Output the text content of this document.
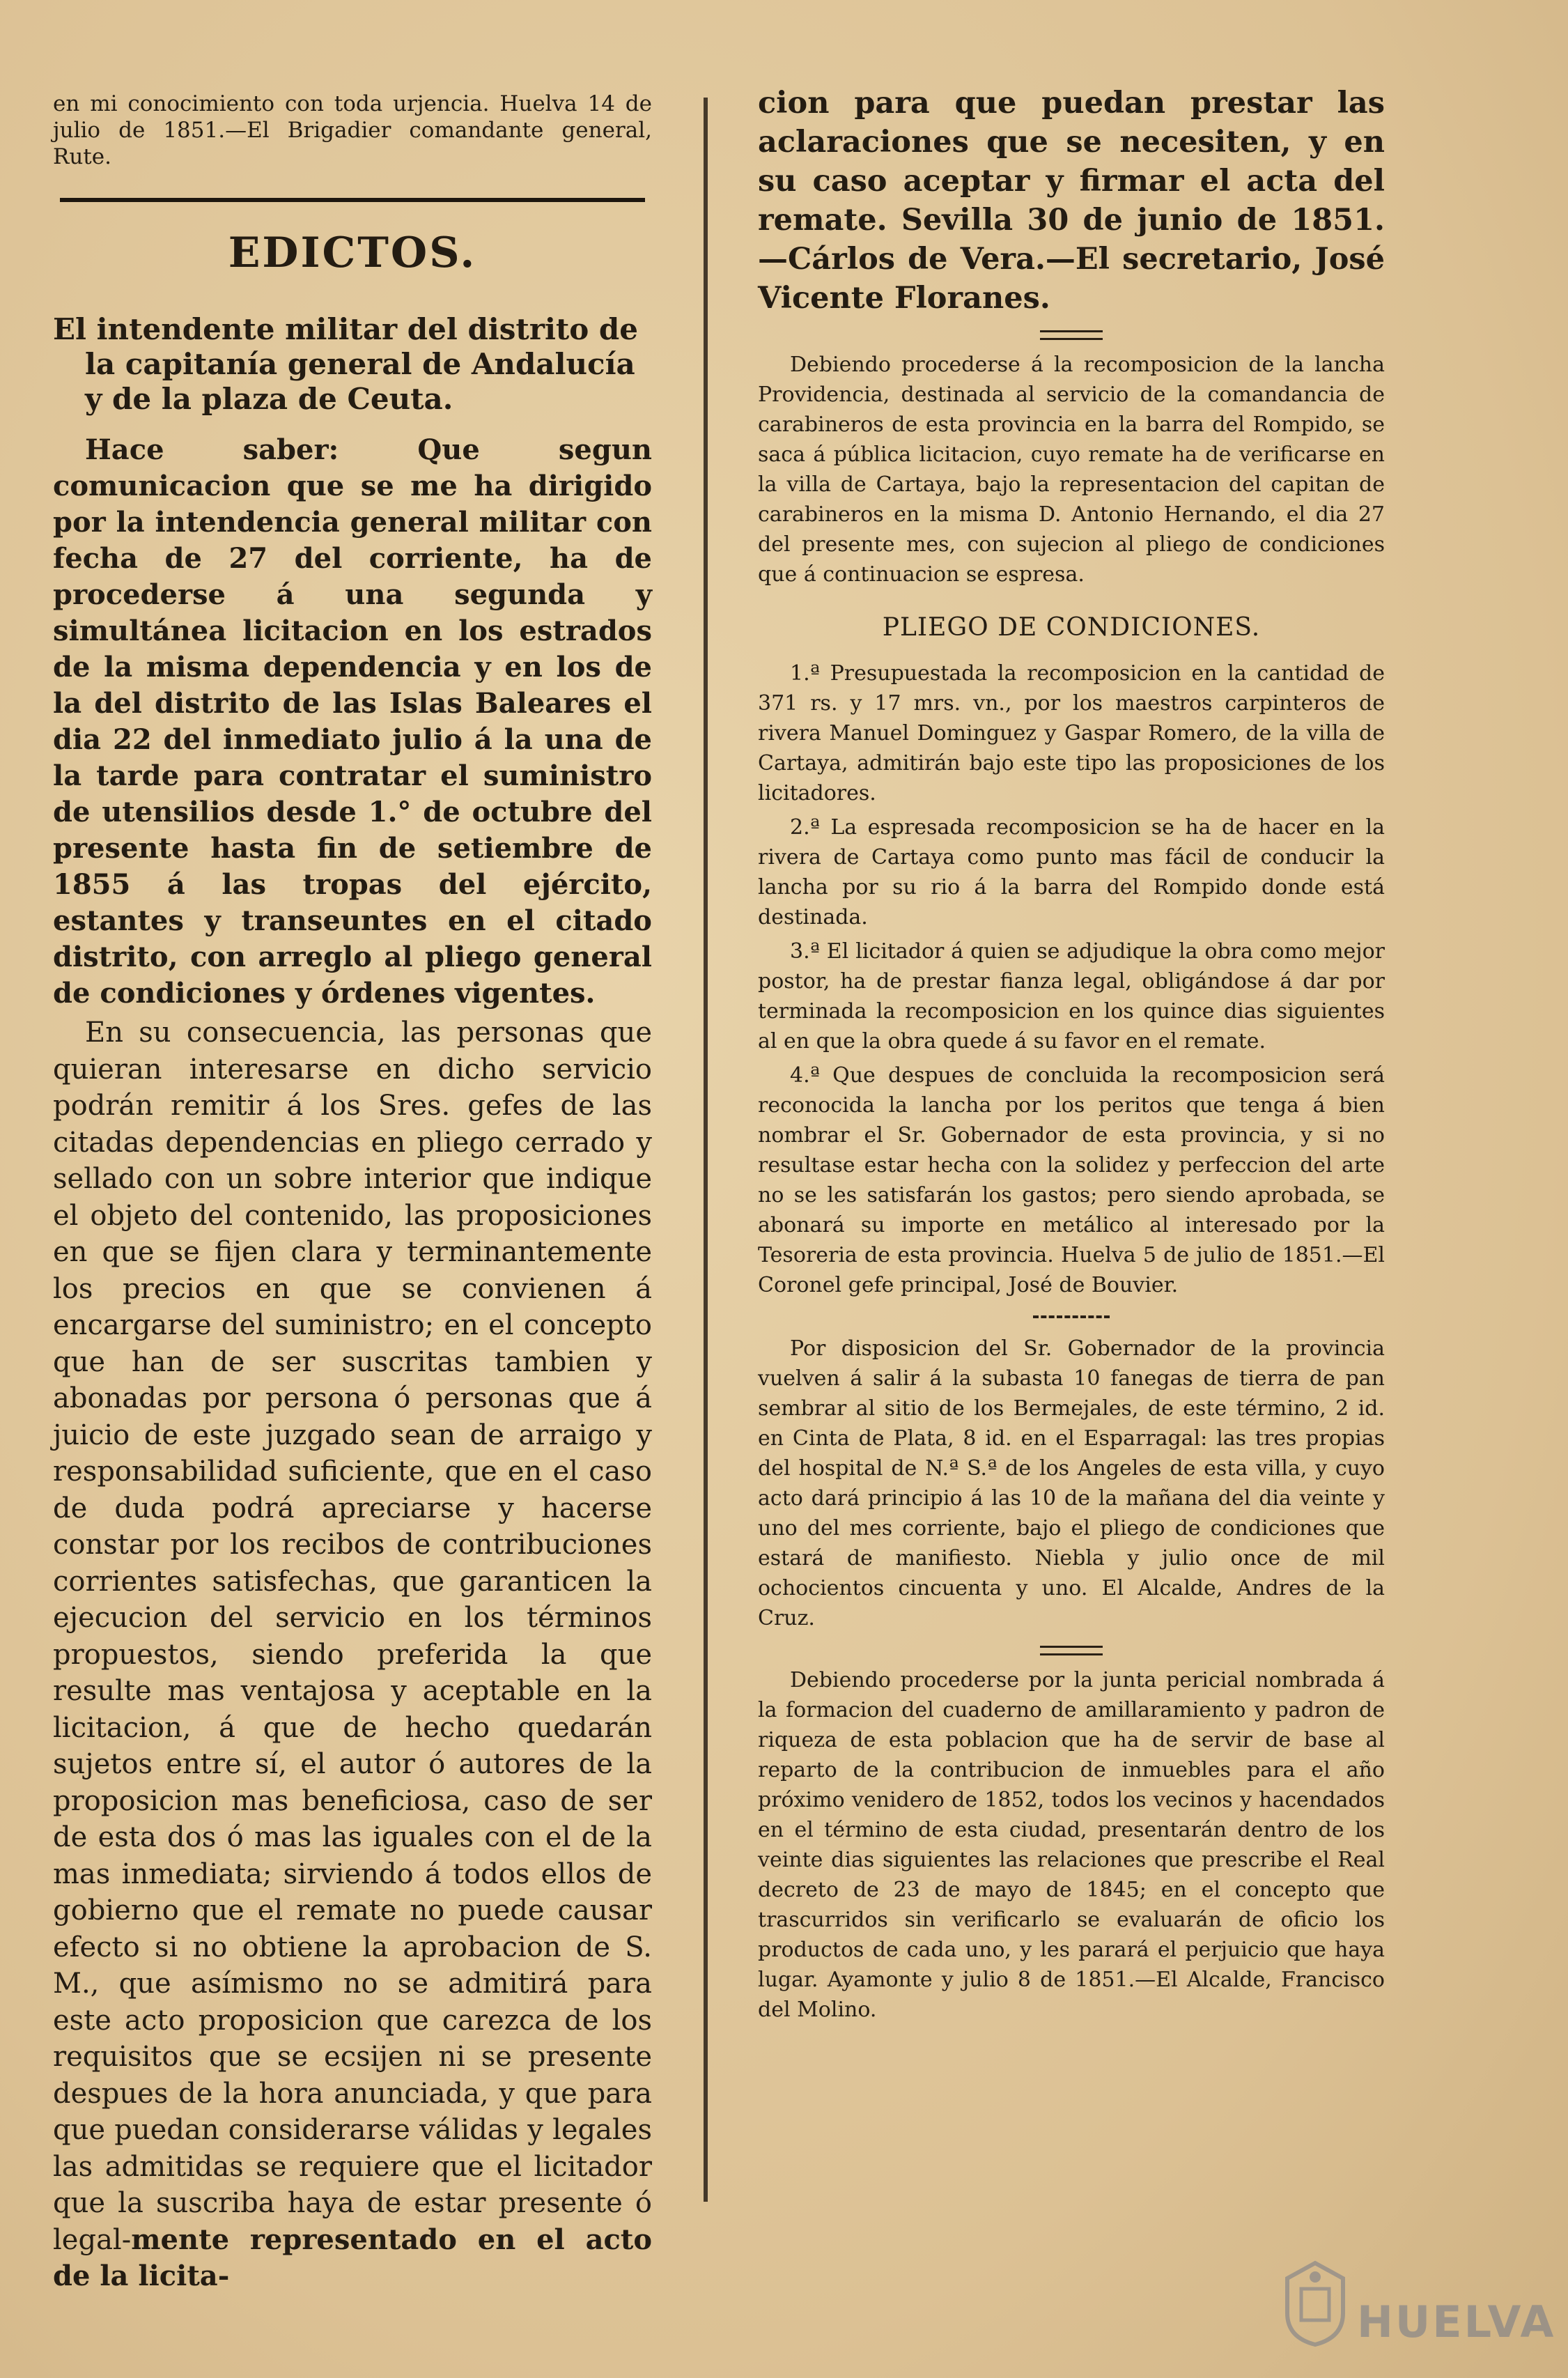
en mi conocimiento con toda urjencia. Huelva 14 de julio de 1851.—El Brigadier comandante general, Rute.

EDICTOS.

El intendente militar del distrito de la capitanía general de Andalucía y de la plaza de Ceuta.

Hace saber: Que segun comunicacion que se me ha dirigido por la intendencia general militar con fecha de 27 del corriente, ha de procederse á una segunda y simultánea licitacion en los estrados de la misma dependencia y en los de la del distrito de las Islas Baleares el dia 22 del inmediato julio á la una de la tarde para contratar el suministro de utensilios desde 1.° de octubre del presente hasta fin de setiembre de 1855 á las tropas del ejército, estantes y transeuntes en el citado distrito, con arreglo al pliego general de condiciones y órdenes vigentes.

En su consecuencia, las personas que quieran interesarse en dicho servicio podrán remitir á los Sres. gefes de las citadas dependencias en pliego cerrado y sellado con un sobre interior que indique el objeto del contenido, las proposiciones en que se fijen clara y terminantemente los precios en que se convienen á encargarse del suministro; en el concepto que han de ser suscritas tambien y abonadas por persona ó personas que á juicio de este juzgado sean de arraigo y responsabilidad suficiente, que en el caso de duda podrá apreciarse y hacerse constar por los recibos de contribuciones corrientes satisfechas, que garanticen la ejecucion del servicio en los términos propuestos, siendo preferida la que resulte mas ventajosa y aceptable en la licitacion, á que de hecho quedarán sujetos entre sí, el autor ó autores de la proposicion mas beneficiosa, caso de ser de esta dos ó mas las iguales con el de la mas inmediata; sirviendo á todos ellos de gobierno que el remate no puede causar efecto si no obtiene la aprobacion de S. M., que asímismo no se admitirá para este acto proposicion que carezca de los requisitos que se ecsijen ni se presente despues de la hora anunciada, y que para que puedan considerarse válidas y legales las admitidas se requiere que el licitador que la suscriba haya de estar presente ó legal-mente representado en el acto de la licita-

cion para que puedan prestar las aclaraciones que se necesiten, y en su caso aceptar y firmar el acta del remate. Sevilla 30 de junio de 1851.—Cárlos de Vera.—El secretario, José Vicente Floranes.

Debiendo procederse á la recomposicion de la lancha Providencia, destinada al servicio de la comandancia de carabineros de esta provincia en la barra del Rompido, se saca á pública licitacion, cuyo remate ha de verificarse en la villa de Cartaya, bajo la representacion del capitan de carabineros en la misma D. Antonio Hernando, el dia 27 del presente mes, con sujecion al pliego de condiciones que á continuacion se espresa.

PLIEGO DE CONDICIONES.

1.ª Presupuestada la recomposicion en la cantidad de 371 rs. y 17 mrs. vn., por los maestros carpinteros de rivera Manuel Dominguez y Gaspar Romero, de la villa de Cartaya, admitirán bajo este tipo las proposiciones de los licitadores.

2.ª La espresada recomposicion se ha de hacer en la rivera de Cartaya como punto mas fácil de conducir la lancha por su rio á la barra del Rompido donde está destinada.

3.ª El licitador á quien se adjudique la obra como mejor postor, ha de prestar fianza legal, obligándose á dar por terminada la recomposicion en los quince dias siguientes al en que la obra quede á su favor en el remate.

4.ª Que despues de concluida la recomposicion será reconocida la lancha por los peritos que tenga á bien nombrar el Sr. Gobernador de esta provincia, y si no resultase estar hecha con la solidez y perfeccion del arte no se les satisfarán los gastos; pero siendo aprobada, se abonará su importe en metálico al interesado por la Tesoreria de esta provincia. Huelva 5 de julio de 1851.—El Coronel gefe principal, José de Bouvier.

Por disposicion del Sr. Gobernador de la provincia vuelven á salir á la subasta 10 fanegas de tierra de pan sembrar al sitio de los Bermejales, de este término, 2 id. en Cinta de Plata, 8 id. en el Esparragal: las tres propias del hospital de N.ª S.ª de los Angeles de esta villa, y cuyo acto dará principio á las 10 de la mañana del dia veinte y uno del mes corriente, bajo el pliego de condiciones que estará de manifiesto. Niebla y julio once de mil ochocientos cincuenta y uno. El Alcalde, Andres de la Cruz.

Debiendo procederse por la junta pericial nombrada á la formacion del cuaderno de amillaramiento y padron de riqueza de esta poblacion que ha de servir de base al reparto de la contribucion de inmuebles para el año próximo venidero de 1852, todos los vecinos y hacendados en el término de esta ciudad, presentarán dentro de los veinte dias siguientes las relaciones que prescribe el Real decreto de 23 de mayo de 1845; en el concepto que trascurridos sin verificarlo se evaluarán de oficio los productos de cada uno, y les parará el perjuicio que haya lugar. Ayamonte y julio 8 de 1851.—El Alcalde, Francisco del Molino.

HUELVA
